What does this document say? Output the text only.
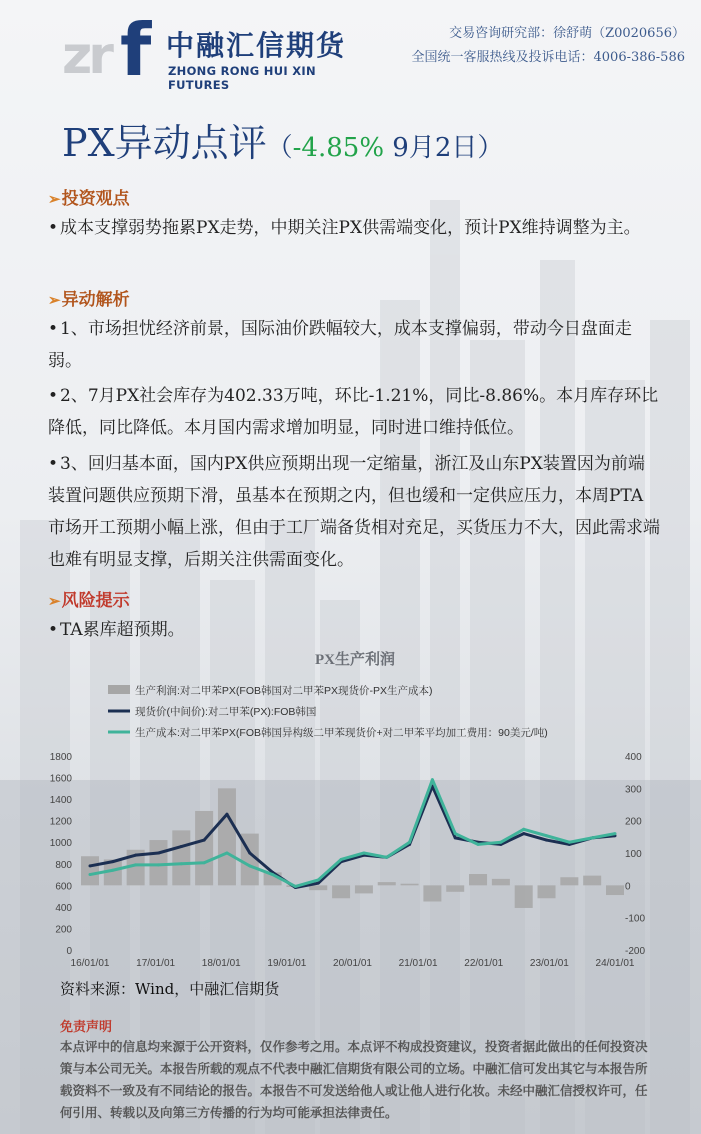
zr f 中融汇信期货
ZHONG RONG HUI XIN FUTURES
交易咨询研究部：徐舒萌（Z0020656）
全国统一客服热线及投诉电话：4006-386-586
PX异动点评（-4.85% 9月2日）
➢投资观点
• 成本支撑弱势拖累PX走势，中期关注PX供需端变化，预计PX维持调整为主。
➢异动解析
• 1、市场担忧经济前景，国际油价跌幅较大，成本支撑偏弱，带动今日盘面走弱。
• 2、7月PX社会库存为402.33万吨，环比-1.21%，同比-8.86%。本月库存环比降低，同比降低。本月国内需求增加明显，同时进口维持低位。
• 3、回归基本面，国内PX供应预期出现一定缩量，浙江及山东PX装置因为前端装置问题供应预期下滑，虽基本在预期之内，但也缓和一定供应压力，本周PTA市场开工预期小幅上涨，但由于工厂端备货相对充足，买货压力不大，因此需求端也难有明显支撑，后期关注供需面变化。
➢风险提示
• TA累库超预期。
PX生产利润
生产利润:对二甲苯PX(FOB韩国对二甲苯PX现货价-PX生产成本)
现货价(中间价):对二甲苯(PX):FOB韩国
生产成本:对二甲苯PX(FOB韩国异构级二甲苯现货价+对二甲苯平均加工费用：90美元/吨)
1800
1600
1400
1200
1000
800
600
400
200
0
400
300
200
100
0
-100
-200
16/01/01	17/01/01	18/01/01	19/01/01	20/01/01	21/01/01	22/01/01	23/01/01	24/01/01
资料来源：Wind，中融汇信期货
免责声明
本点评中的信息均来源于公开资料，仅作参考之用。本点评不构成投资建议，投资者据此做出的任何投资决策与本公司无关。本报告所载的观点不代表中融汇信期货有限公司的立场。中融汇信可发出其它与本报告所载资料不一致及有不同结论的报告。本报告不可发送给他人或让他人进行化妆。未经中融汇信授权许可，任何引用、转载以及向第三方传播的行为均可能承担法律责任。
